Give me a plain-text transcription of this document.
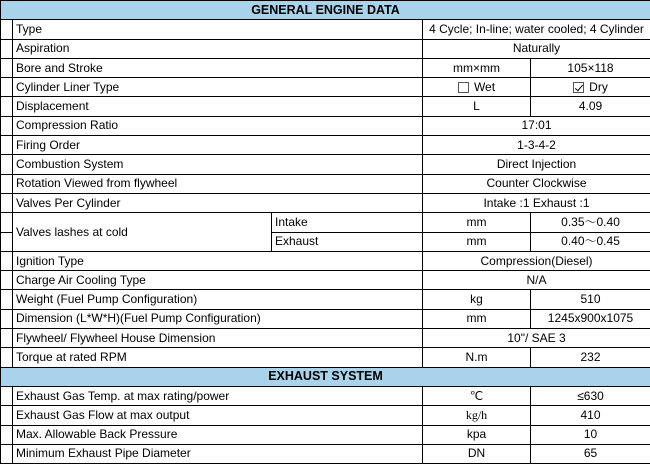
GENERAL ENGINE DATA				
	Type		4 Cycle; In-line; water cooled; 4 Cylinder	
	Aspiration		Naturally	
	Bore and Stroke		mm×mm	105×118
	Cylinder Liner Type		Wet	Dry
	Displacement		L	4.09
	Compression Ratio		17:01	
	Firing Order		1-3-4-2	
	Combustion System		Direct Injection	
	Rotation Viewed from flywheel		Counter Clockwise	
	Valves Per Cylinder		Intake :1 Exhaust :1	
	Valves lashes at cold	Intake	mm	0.35～0.40
		Exhaust	mm	0.40～0.45
	Ignition Type		Compression(Diesel)	
	Charge Air Cooling Type		N/A	
	Weight (Fuel Pump Configuration)		kg	510
	Dimension (L*W*H)(Fuel Pump Configuration)		mm	1245x900x1075
	Flywheel/ Flywheel House Dimension		10"/ SAE 3	
	Torque at rated RPM		N.m	232
EXHAUST SYSTEM				
	Exhaust Gas Temp. at max rating/power		℃	≤630
	Exhaust Gas Flow at max output		kg/h	410
	Max. Allowable Back Pressure		kpa	10
	Minimum Exhaust Pipe Diameter		DN	65
